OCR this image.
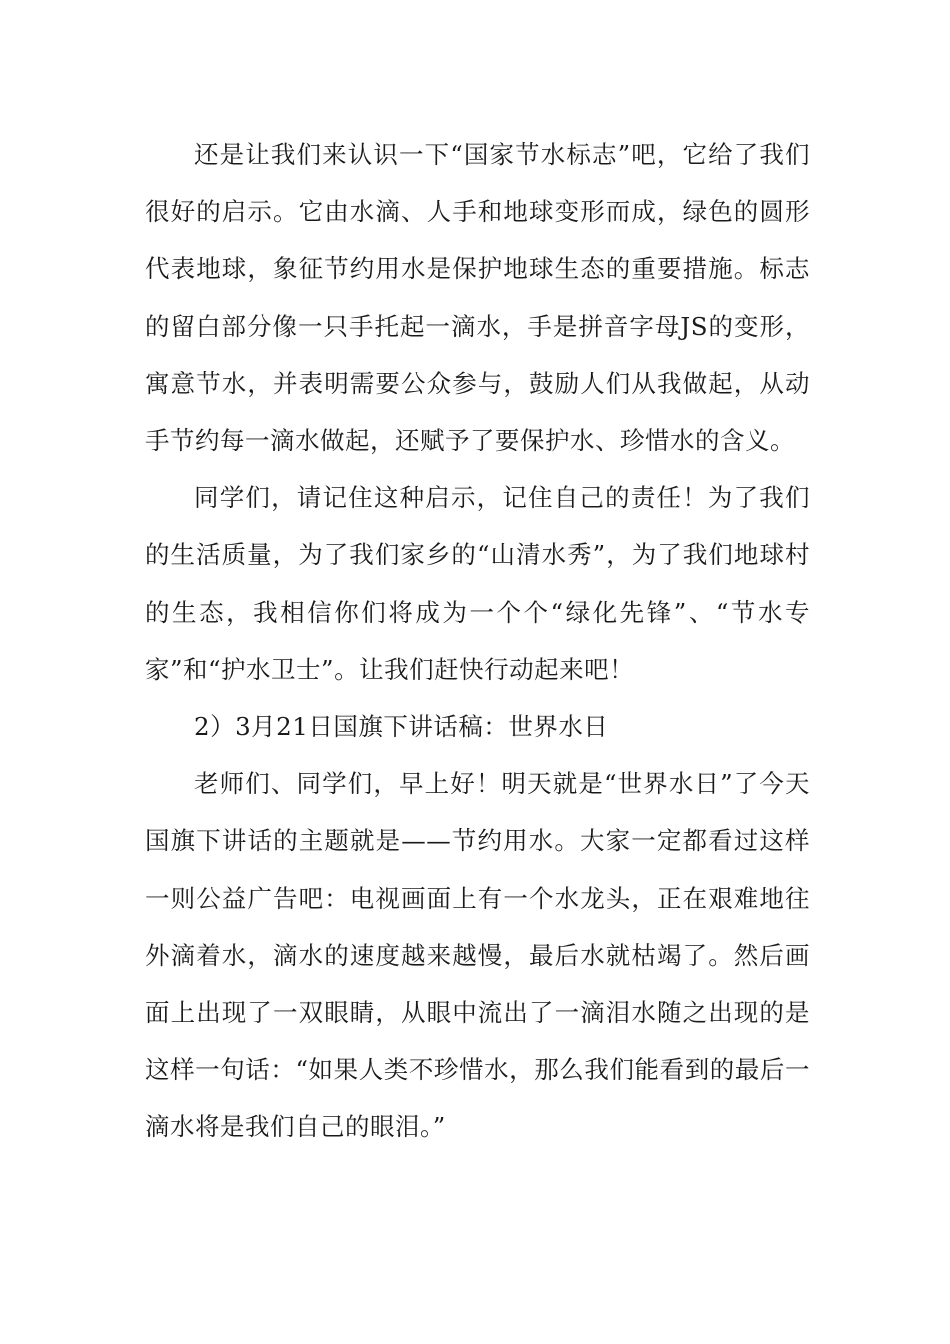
还是让我们来认识一下“国家节水标志”吧，它给了我们很好的启示。它由水滴、人手和地球变形而成，绿色的圆形代表地球，象征节约用水是保护地球生态的重要措施。标志的留白部分像一只手托起一滴水，手是拼音字母JS的变形，寓意节水，并表明需要公众参与，鼓励人们从我做起，从动手节约每一滴水做起，还赋予了要保护水、珍惜水的含义。

同学们，请记住这种启示，记住自己的责任！为了我们的生活质量，为了我们家乡的“山清水秀”，为了我们地球村的生态，我相信你们将成为一个个“绿化先锋”、“节水专家”和“护水卫士”。让我们赶快行动起来吧！

2）3月21日国旗下讲话稿：世界水日

老师们、同学们，早上好！明天就是“世界水日”了今天国旗下讲话的主题就是——节约用水。大家一定都看过这样一则公益广告吧：电视画面上有一个水龙头，正在艰难地往外滴着水，滴水的速度越来越慢，最后水就枯竭了。然后画面上出现了一双眼睛，从眼中流出了一滴泪水随之出现的是这样一句话：“如果人类不珍惜水，那么我们能看到的最后一滴水将是我们自己的眼泪。”
